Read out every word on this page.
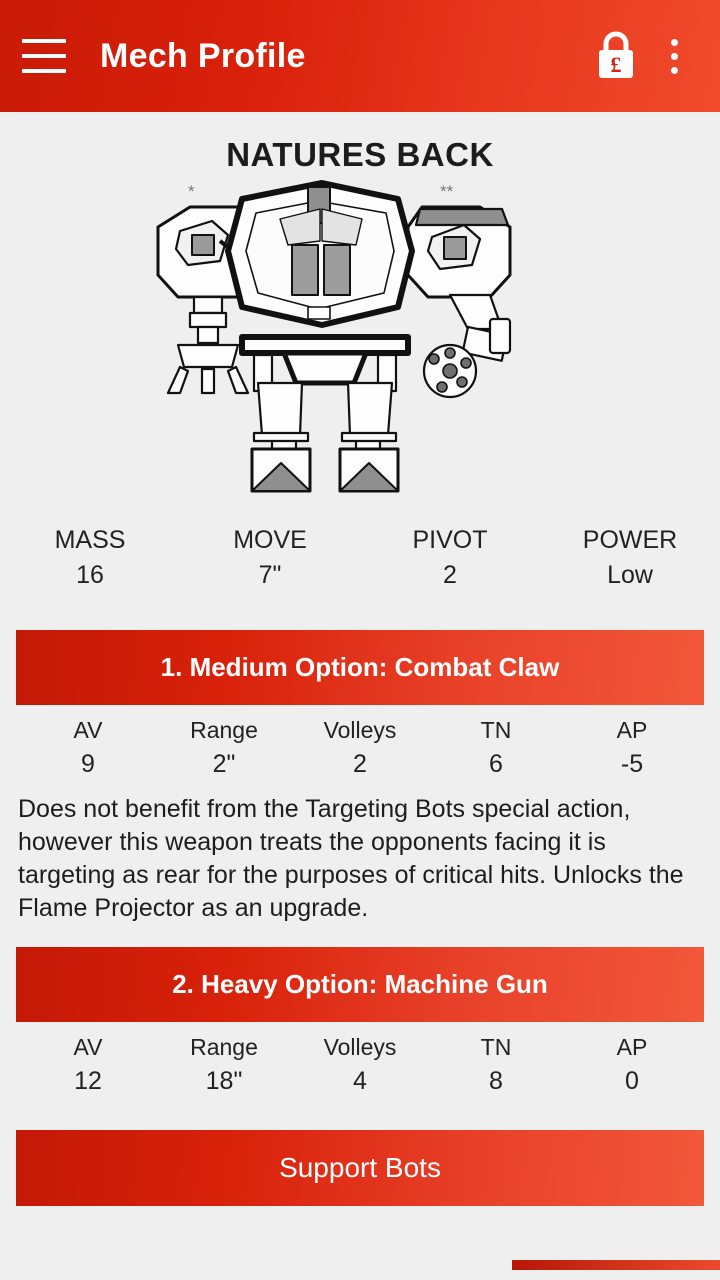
Mech Profile	£
NATURES BACK
*	**
MASS
16
MOVE
7"
PIVOT
2
POWER
Low
1. Medium Option: Combat Claw
AV
9
Range
2"
Volleys
2
TN
6
AP
-5
Does not benefit from the Targeting Bots special action, however this weapon treats the opponents facing it is targeting as rear for the purposes of critical hits. Unlocks the Flame Projector as an upgrade.
2. Heavy Option: Machine Gun
AV
12
Range
18"
Volleys
4
TN
8
AP
0
Support Bots
